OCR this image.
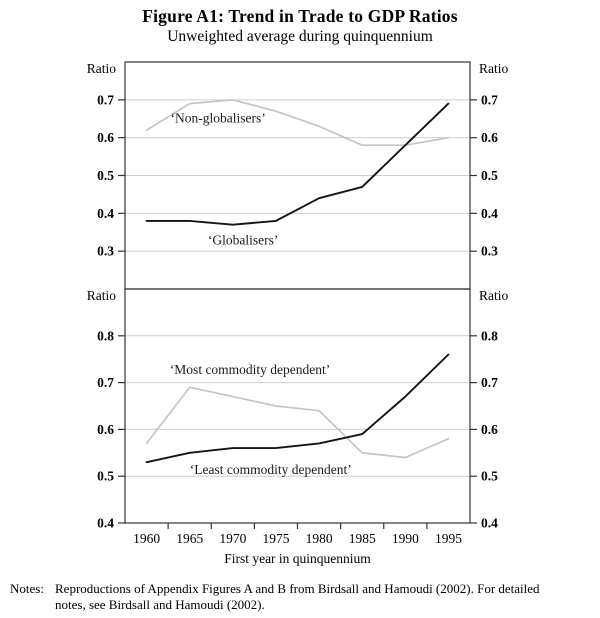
Figure A1: Trend in Trade to GDP Ratios
Unweighted average during quinquennium
0.3	0.3
0.4	0.4
0.5	0.5
0.6	0.6
0.7	0.7
Ratio	Ratio
‘Non-globalisers’
‘Globalisers’
0.4	0.4
0.5	0.5
0.6	0.6
0.7	0.7
0.8	0.8
Ratio	Ratio
‘Most commodity dependent’
‘Least commodity dependent’
1960 1965 1970 1975 1980 1985 1990 1995
First year in quinquennium
Notes: Reproductions of Appendix Figures A and B from Birdsall and Hamoudi (2002). For detailed
notes, see Birdsall and Hamoudi (2002).
